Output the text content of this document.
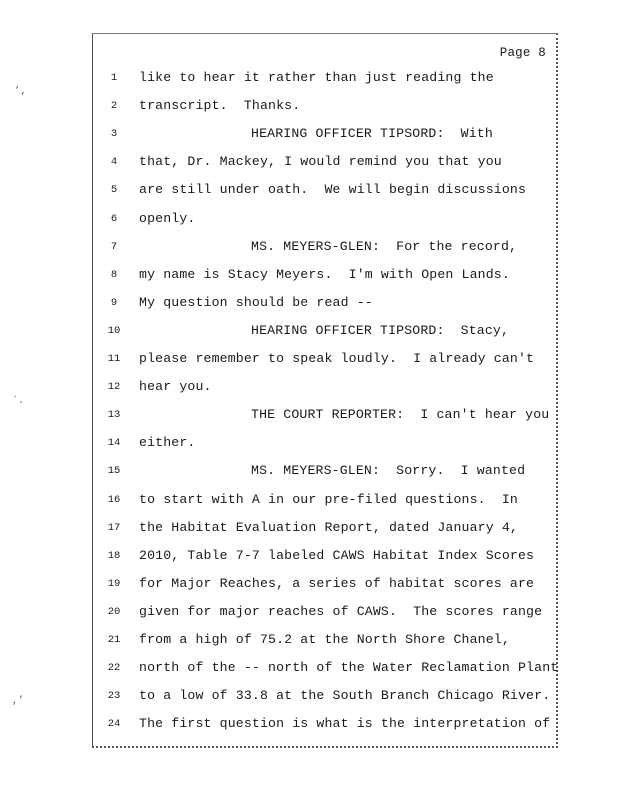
‘‚
`.
,’
Page 8
1	like to hear it rather than just reading the
2	transcript.  Thanks.
3	HEARING OFFICER TIPSORD:  With
4	that, Dr. Mackey, I would remind you that you
5	are still under oath.  We will begin discussions
6	openly.
7	MS. MEYERS-GLEN:  For the record,
8	my name is Stacy Meyers.  I'm with Open Lands.
9	My question should be read --
10	HEARING OFFICER TIPSORD:  Stacy,
11	please remember to speak loudly.  I already can't
12	hear you.
13	THE COURT REPORTER:  I can't hear you
14	either.
15	MS. MEYERS-GLEN:  Sorry.  I wanted
16	to start with A in our pre-filed questions.  In
17	the Habitat Evaluation Report, dated January 4,
18	2010, Table 7-7 labeled CAWS Habitat Index Scores
19	for Major Reaches, a series of habitat scores are
20	given for major reaches of CAWS.  The scores range
21	from a high of 75.2 at the North Shore Chanel,
22	north of the -- north of the Water Reclamation Plant
23	to a low of 33.8 at the South Branch Chicago River.
24	The first question is what is the interpretation of
